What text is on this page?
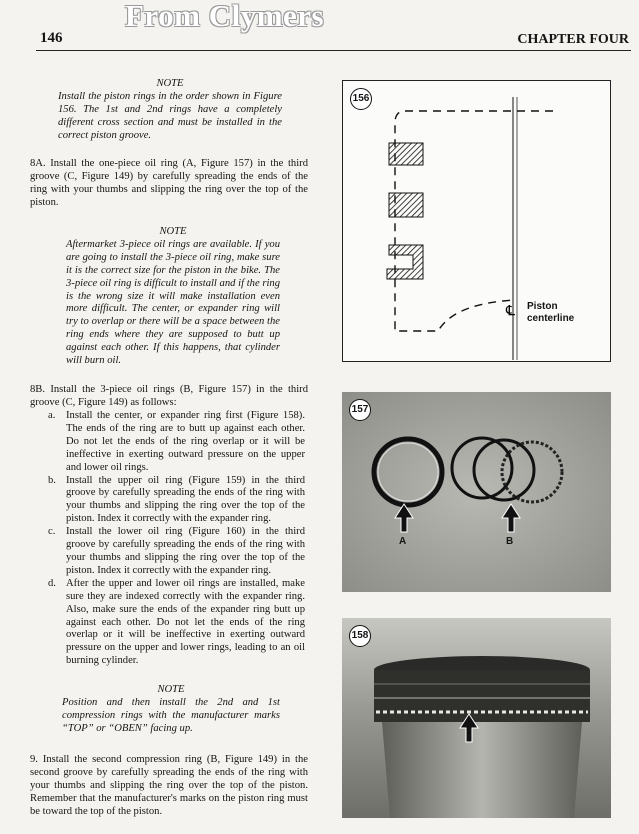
From Clymers
146	CHAPTER FOUR

NOTE

Install the piston rings in the order shown in Figure 156. The 1st and 2nd rings have a completely different cross section and must be installed in the correct piston groove.

8A. Install the one-piece oil ring (A, Figure 157) in the third groove (C, Figure 149) by carefully spreading the ends of the ring with your thumbs and slipping the ring over the top of the piston.

NOTE

Aftermarket 3-piece oil rings are available. If you are going to install the 3-piece oil ring, make sure it is the correct size for the piston in the bike. The 3-piece oil ring is difficult to install and if the ring is the wrong size it will make installation even more difficult. The center, or expander ring will try to overlap or there will be a space between the ring ends where they are supposed to butt up against each other. If this happens, that cylinder will burn oil.

8B. Install the 3-piece oil rings (B, Figure 157) in the third groove (C, Figure 149) as follows:

a.	Install the center, or expander ring first (Figure 158). The ends of the ring are to butt up against each other. Do not let the ends of the ring overlap or it will be ineffective in exerting outward pressure on the upper and lower oil rings.
b. Install the upper oil ring (Figure 159) in the third groove by carefully spreading the ends of the ring with your thumbs and slipping the ring over the top of the piston. Index it correctly with the expander ring.
c.	Install the lower oil ring (Figure 160) in the third groove by carefully spreading the ends of the ring with your thumbs and slipping the ring over the top of the piston. Index it correctly with the expander ring.
d. After the upper and lower oil rings are installed, make sure they are indexed correctly with the expander ring. Also, make sure the ends of the expander ring butt up against each other. Do not let the ends of the ring overlap or it will be ineffective in exerting outward pressure on the upper and lower rings, leading to an oil burning cylinder.

NOTE

Position and then install the 2nd and 1st compression rings with the manufacturer marks “TOP” or “OBEN” facing up.

9. Install the second compression ring (B, Figure 149) in the second groove by carefully spreading the ends of the ring with your thumbs and slipping the ring over the top of the piston. Remember that the manufacturer's marks on the piston ring must be toward the top of the piston.

℄
156
Piston
centerline
157
A	B
158
